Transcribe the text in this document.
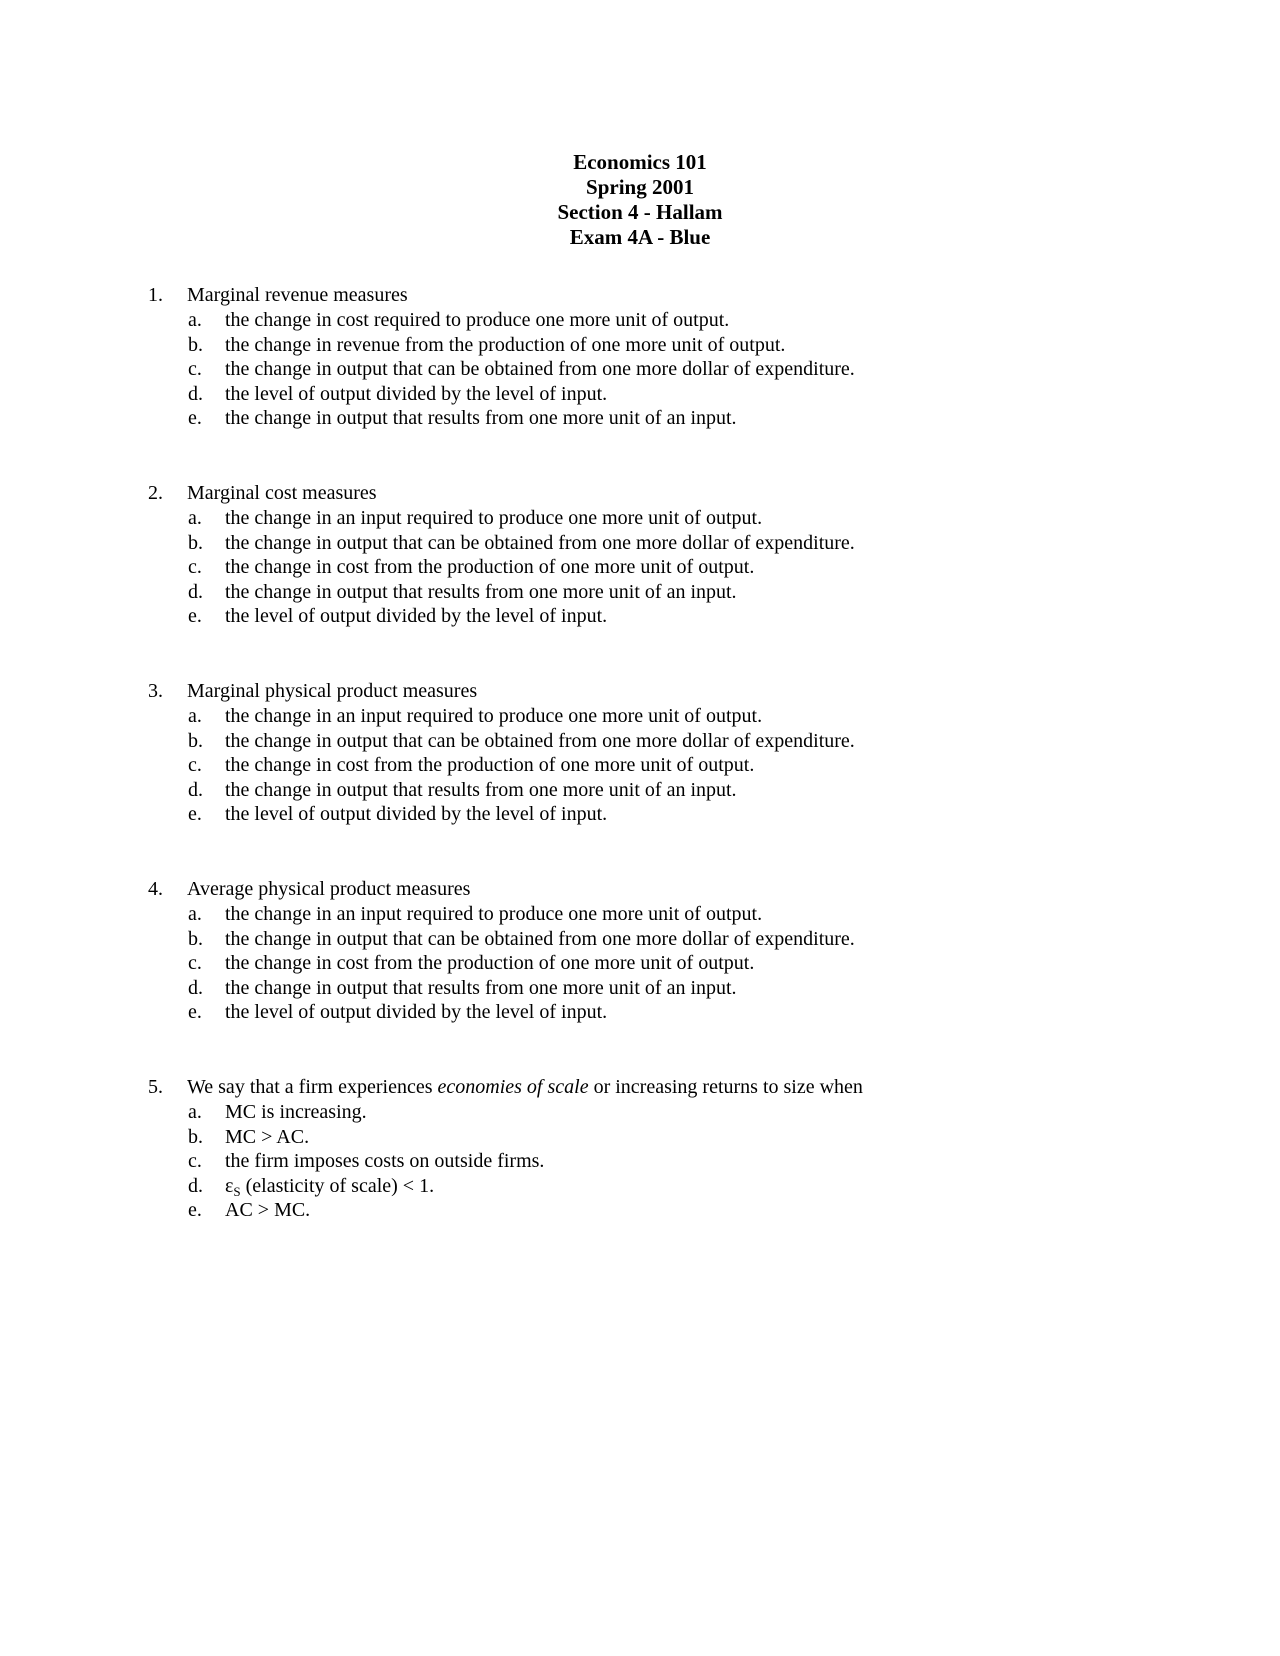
Economics 101
Spring 2001
Section 4 - Hallam
Exam 4A - Blue
1. Marginal revenue measures
a. the change in cost required to produce one more unit of output.
b. the change in revenue from the production of one more unit of output.
c. the change in output that can be obtained from one more dollar of expenditure.
d. the level of output divided by the level of input.
e. the change in output that results from one more unit of an input.
2. Marginal cost measures
a. the change in an input required to produce one more unit of output.
b. the change in output that can be obtained from one more dollar of expenditure.
c. the change in cost from the production of one more unit of output.
d. the change in output that results from one more unit of an input.
e. the level of output divided by the level of input.
3. Marginal physical product measures
a. the change in an input required to produce one more unit of output.
b. the change in output that can be obtained from one more dollar of expenditure.
c. the change in cost from the production of one more unit of output.
d. the change in output that results from one more unit of an input.
e. the level of output divided by the level of input.
4. Average physical product measures
a. the change in an input required to produce one more unit of output.
b. the change in output that can be obtained from one more dollar of expenditure.
c. the change in cost from the production of one more unit of output.
d. the change in output that results from one more unit of an input.
e. the level of output divided by the level of input.
5. We say that a firm experiences economies of scale or increasing returns to size when
a. MC is increasing.
b. MC > AC.
c. the firm imposes costs on outside firms.
d. $\varepsilon_S$ (elasticity of scale) < 1.
e. AC > MC.
